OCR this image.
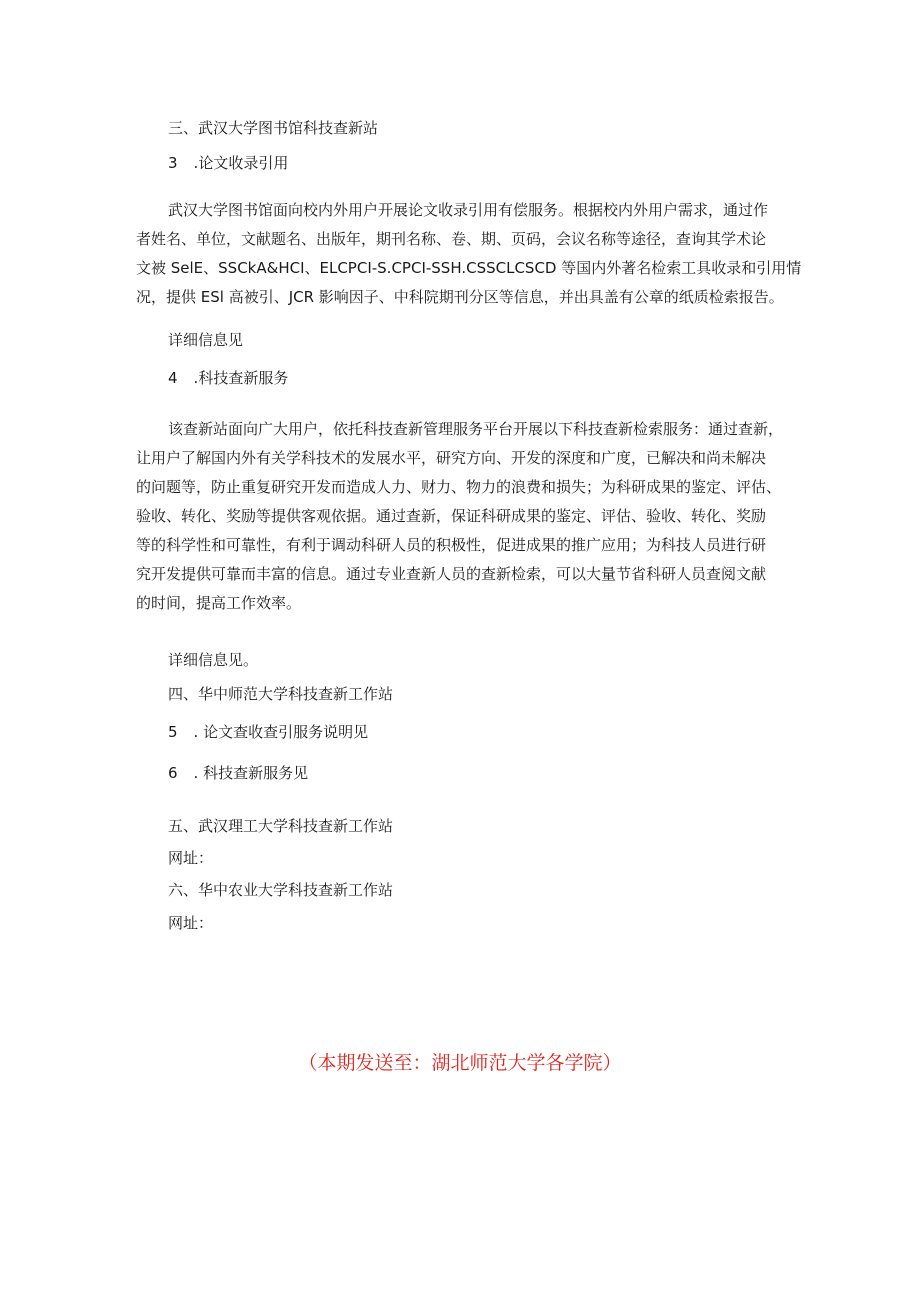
三、武汉大学图书馆科技查新站
3 .论文收录引用
武汉大学图书馆面向校内外用户开展论文收录引用有偿服务。根据校内外用户需求，通过作
者姓名、单位，文献题名、出版年，期刊名称、卷、期、页码，会议名称等途径，查询其学术论
文被 SelE、SSCkA&HCI、ELCPCI-S.CPCI-SSH.CSSCLCSCD 等国内外著名检索工具收录和引用情
况，提供 ESl 高被引、JCR 影响因子、中科院期刊分区等信息，并出具盖有公章的纸质检索报告。
详细信息见
4 .科技查新服务
该查新站面向广大用户，依托科技查新管理服务平台开展以下科技查新检索服务：通过查新，
让用户了解国内外有关学科技术的发展水平，研究方向、开发的深度和广度，已解决和尚未解决
的问题等，防止重复研究开发而造成人力、财力、物力的浪费和损失；为科研成果的鉴定、评估、
验收、转化、奖励等提供客观依据。通过查新，保证科研成果的鉴定、评估、验收、转化、奖励
等的科学性和可靠性，有利于调动科研人员的积极性，促进成果的推广应用；为科技人员进行研
究开发提供可靠而丰富的信息。通过专业查新人员的查新检索，可以大量节省科研人员查阅文献
的时间，提高工作效率。
详细信息见。
四、华中师范大学科技查新工作站
5 . 论文查收查引服务说明见
6 . 科技查新服务见
五、武汉理工大学科技查新工作站
网址：
六、华中农业大学科技查新工作站
网址：
（本期发送至：湖北师范大学各学院）
